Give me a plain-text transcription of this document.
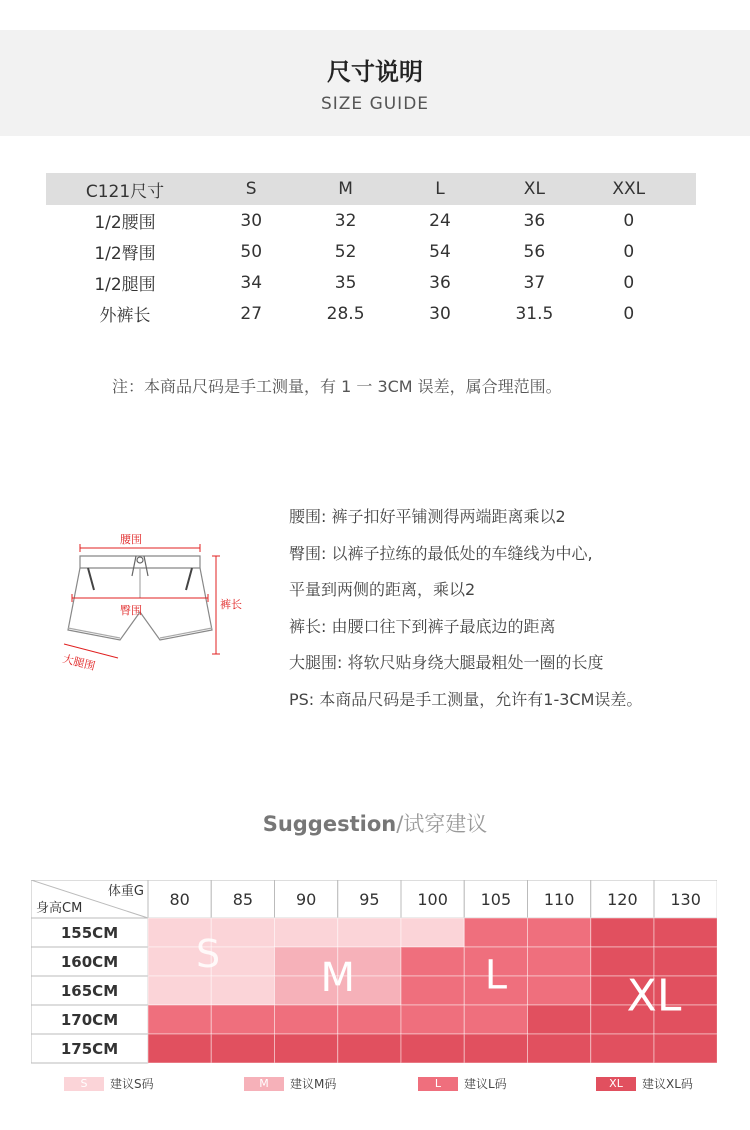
尺寸说明
SIZE GUIDE
C121尺寸	S	M	L	XL	XXL
1/2腰围	30	32	24	36	0
1/2臀围	50	52	54	56	0
1/2腿围	34	35	36	37	0
外裤长	27	28.5	30	31.5	0
注：本商品尺码是手工测量，有 1 一 3CM 误差，属合理范围。
腰围
臀围	裤长
大腿围
腰围: 裤子扣好平铺测得两端距离乘以2
臀围: 以裤子拉练的最低处的车缝线为中心,
平量到两侧的距离，乘以2
裤长: 由腰口往下到裤子最底边的距离
大腿围: 将软尺贴身绕大腿最粗处一圈的长度
PS: 本商品尺码是手工测量，允许有1-3CM误差。
Suggestion/试穿建议
体重G
身高CM	80	85	90	95 100 105 110 120 130
155CM
160CM
165CM
170CM
175CM
S
M	L	XL
S	建议S码	M	建议M码	L	建议L码	XL	建议XL码
